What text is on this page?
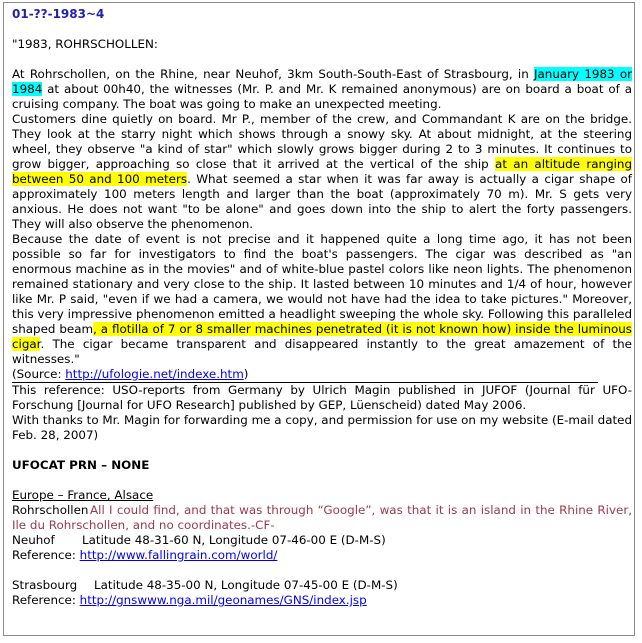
01-??-1983~4

"1983, ROHRSCHOLLEN:

At Rohrschollen, on the Rhine, near Neuhof, 3km South-South-East of Strasbourg, in January 1983 or 1984 at about 00h40, the witnesses (Mr. P. and Mr. K remained anonymous) are on board a boat of a cruising company. The boat was going to make an unexpected meeting.

Customers dine quietly on board. Mr P., member of the crew, and Commandant K are on the bridge. They look at the starry night which shows through a snowy sky. At about midnight, at the steering wheel, they observe "a kind of star" which slowly grows bigger during 2 to 3 minutes. It continues to grow bigger, approaching so close that it arrived at the vertical of the ship at an altitude ranging between 50 and 100 meters. What seemed a star when it was far away is actually a cigar shape of approximately 100 meters length and larger than the boat (approximately 70 m). Mr. S gets very anxious. He does not want "to be alone" and goes down into the ship to alert the forty passengers. They will also observe the phenomenon.

Because the date of event is not precise and it happened quite a long time ago, it has not been possible so far for investigators to find the boat's passengers. The cigar was described as "an enormous machine as in the movies" and of white-blue pastel colors like neon lights. The phenomenon remained stationary and very close to the ship. It lasted between 10 minutes and 1/4 of hour, however like Mr. P said, "even if we had a camera, we would not have had the idea to take pictures." Moreover, this very impressive phenomenon emitted a headlight sweeping the whole sky. Following this paralleled shaped beam, a flotilla of 7 or 8 smaller machines penetrated (it is not known how) inside the luminous cigar. The cigar became transparent and disappeared instantly to the great amazement of the witnesses."

(Source: http://ufologie.net/indexe.htm)

This reference: USO-reports from Germany by Ulrich Magin published in JUFOF (Journal für UFO-Forschung [Journal for UFO Research] published by GEP, Lüenscheid) dated May 2006.

With thanks to Mr. Magin for forwarding me a copy, and permission for use on my website (E-mail dated Feb. 28, 2007)

UFOCAT PRN – NONE

Europe – France, Alsace

Rohrschollen All I could find, and that was through “Google”, was that it is an island in the Rhine River, Ile du Rohrschollen, and no coordinates.-CF-

Neuhof Latitude 48-31-60 N, Longitude 07-46-00 E (D-M-S)

Reference: http://www.fallingrain.com/world/

Strasbourg Latitude 48-35-00 N, Longitude 07-45-00 E (D-M-S)

Reference: http://gnswww.nga.mil/geonames/GNS/index.jsp
